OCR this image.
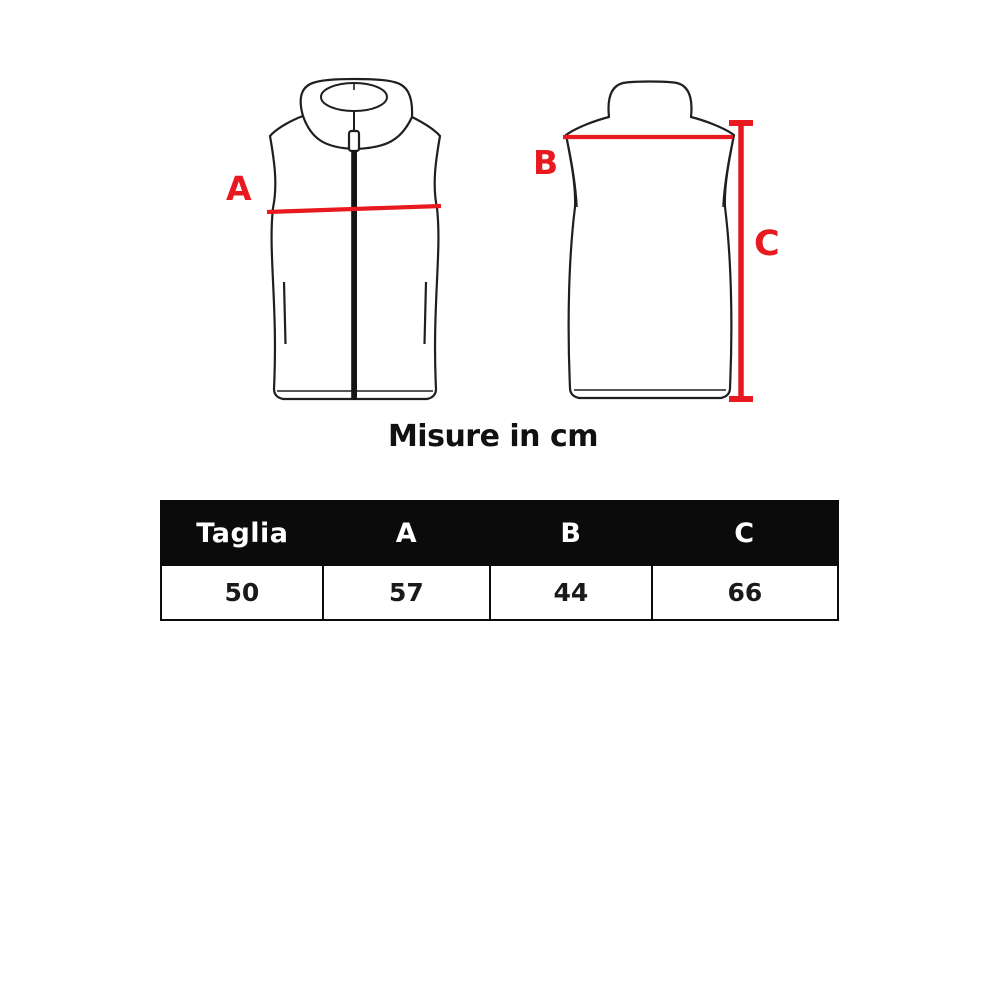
A
B
C
Misure in cm
Taglia	A	B	C
50	57	44	66
